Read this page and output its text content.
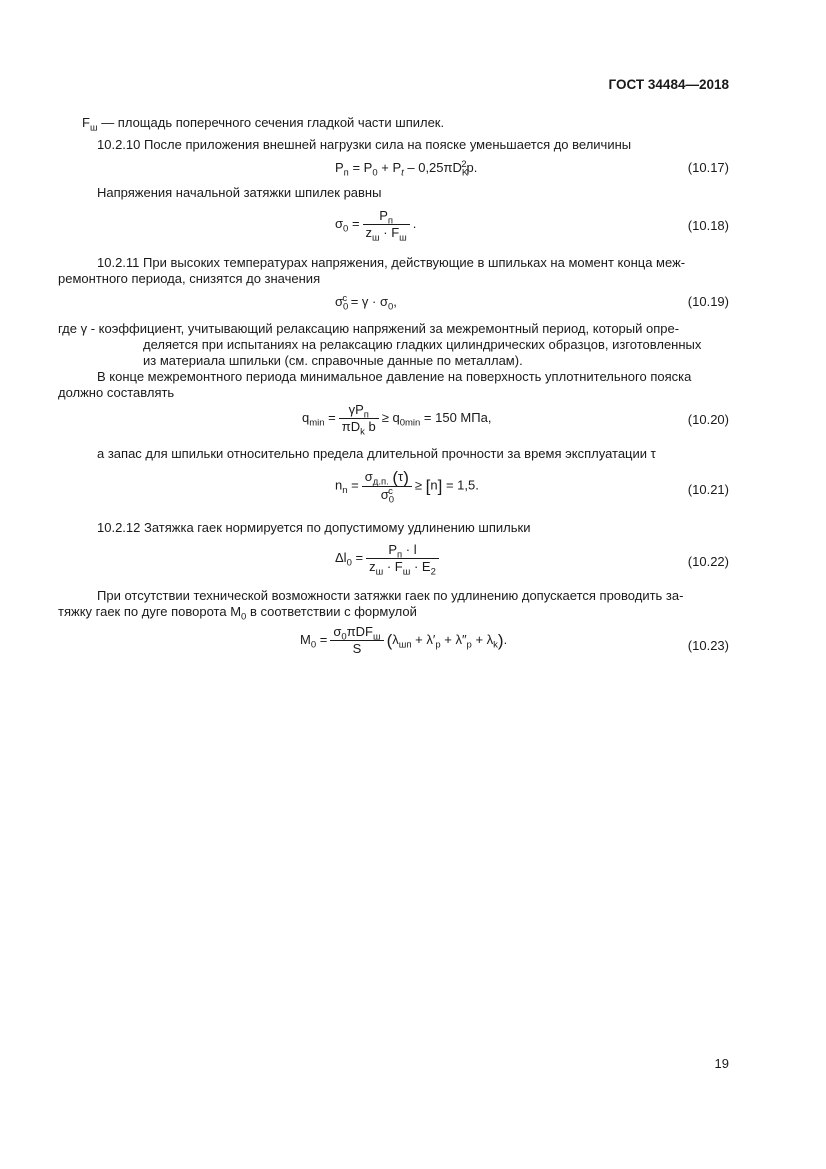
ГОСТ 34484—2018
$F_ш$ — площадь поперечного сечения гладкой части шпилек.
10.2.10 После приложения внешней нагрузки сила на пояске уменьшается до величины
$P_п = P_0 + P_t - 0,25\pi D_K^2p$.	(10.17)
Напряжения начальной затяжки шпилек равны
$\sigma_0 = \frac{P_п}{z_ш \cdot F_ш}$ .	(10.18)
10.2.11 При высоких температурах напряжения, действующие в шпильках на момент конца меж-
ремонтного периода, снизятся до значения
$\sigma_0^c = \gamma \cdot \sigma_0$,	(10.19)
где γ - коэффициент, учитывающий релаксацию напряжений за межремонтный период, который опре-
деляется при испытаниях на релаксацию гладких цилиндрических образцов, изготовленных
из материала шпильки (см. справочные данные по металлам).
В конце межремонтного периода минимальное давление на поверхность уплотнительного пояска
должно составлять
$q_{min} = \frac{\gamma P_п}{\pi D_k b} \ge q_{0min} = 150$ МПа,	(10.20)
а запас для шпильки относительно предела длительной прочности за время эксплуатации τ
$n_n = \frac{\sigma_{д.п.} (\tau)}{\sigma_0^c} \ge [n] = 1,5$.	(10.21)
10.2.12 Затяжка гаек нормируется по допустимому удлинению шпильки
$\Delta l_0 = \frac{P_п \cdot l}{z_ш \cdot F_ш \cdot E_2}$	(10.22)
При отсутствии технической возможности затяжки гаек по удлинению допускается проводить за-
тяжку гаек по дуге поворота $M_0$ в соответствии с формулой
$M_0 = \frac{\sigma_0\pi DF_ш}{S} (\lambda_{шп} + \lambda'_p + \lambda''_p + \lambda_k)$.	(10.23)
19
